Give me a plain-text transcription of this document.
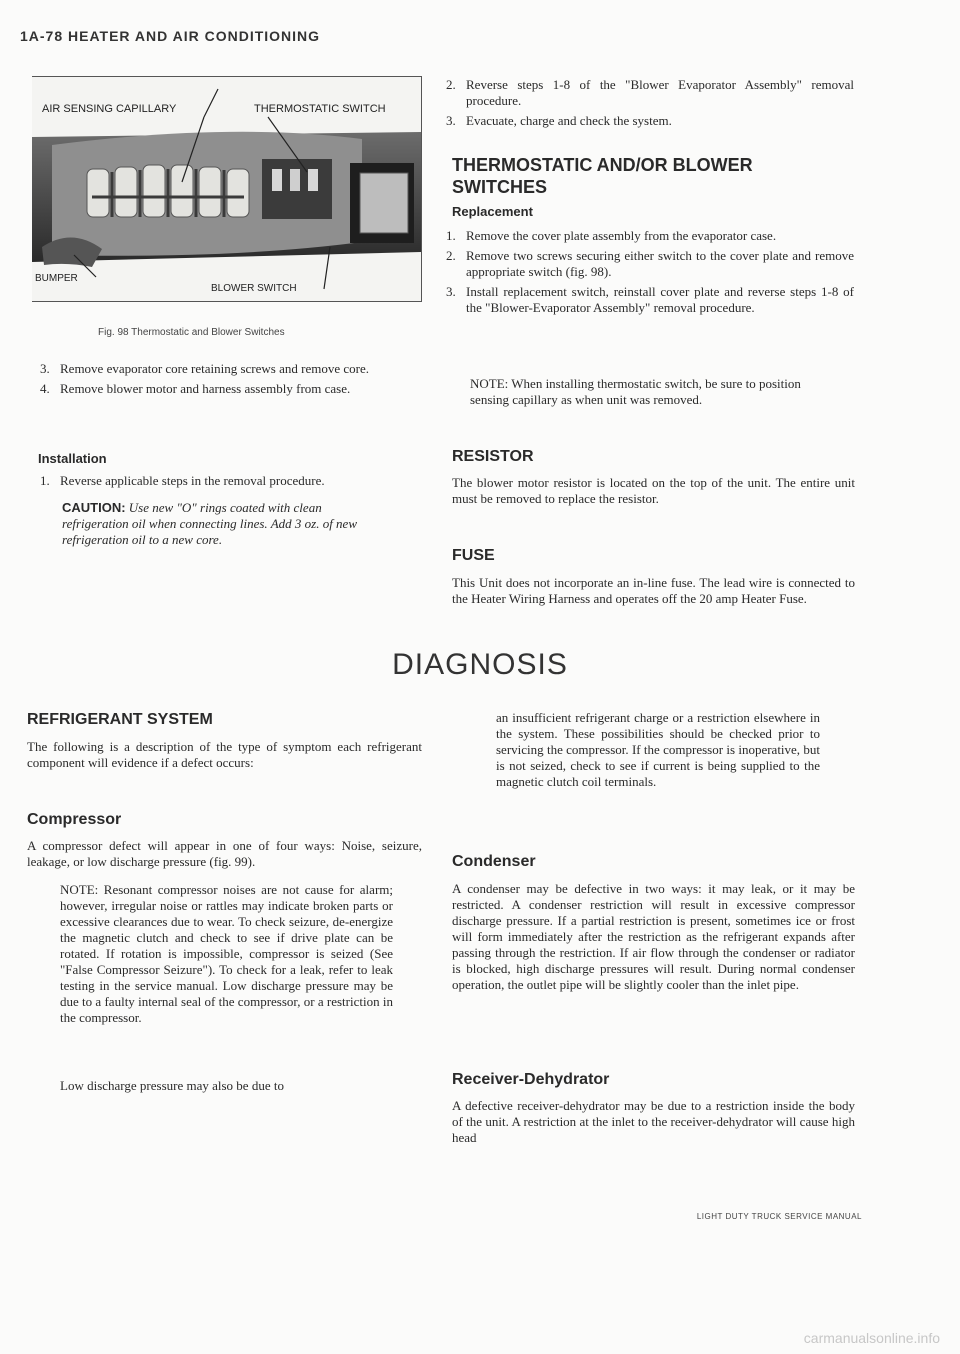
1A-78 HEATER AND AIR CONDITIONING
AIR SENSING CAPILLARY	THERMOSTATIC SWITCH
BUMPER
BLOWER SWITCH
Fig. 98 Thermostatic and Blower Switches
3. Remove evaporator core retaining screws and remove core.
4. Remove blower motor and harness assembly from case.
Installation
1. Reverse applicable steps in the removal procedure.
CAUTION: Use new "O" rings coated with clean refrigeration oil when connecting lines. Add 3 oz. of new refrigeration oil to a new core.
2. Reverse steps 1-8 of the "Blower Evaporator Assembly" removal procedure.
3. Evacuate, charge and check the system.
THERMOSTATIC AND/OR BLOWER SWITCHES
Replacement
1. Remove the cover plate assembly from the evaporator case.
2. Remove two screws securing either switch to the cover plate and remove appropriate switch (fig. 98).
3. Install replacement switch, reinstall cover plate and reverse steps 1-8 of the "Blower-Evaporator Assembly" removal procedure.
NOTE: When installing thermostatic switch, be sure to position sensing capillary as when unit was removed.
RESISTOR
The blower motor resistor is located on the top of the unit. The entire unit must be removed to replace the resistor.
FUSE
This Unit does not incorporate an in-line fuse. The lead wire is connected to the Heater Wiring Harness and operates off the 20 amp Heater Fuse.
DIAGNOSIS
REFRIGERANT SYSTEM
The following is a description of the type of symptom each refrigerant component will evidence if a defect occurs:
Compressor
A compressor defect will appear in one of four ways: Noise, seizure, leakage, or low discharge pressure (fig. 99).
NOTE: Resonant compressor noises are not cause for alarm; however, irregular noise or rattles may indicate broken parts or excessive clearances due to wear. To check seizure, de-energize the magnetic clutch and check to see if drive plate can be rotated. If rotation is impossible, compressor is seized (See "False Compressor Seizure"). To check for a leak, refer to leak testing in the service manual. Low discharge pressure may be due to a faulty internal seal of the compressor, or a restriction in the compressor.
Low discharge pressure may also be due to
an insufficient refrigerant charge or a restriction elsewhere in the system. These possibilities should be checked prior to servicing the compressor. If the compressor is inoperative, but is not seized, check to see if current is being supplied to the magnetic clutch coil terminals.
Condenser
A condenser may be defective in two ways: it may leak, or it may be restricted. A condenser restriction will result in excessive compressor discharge pressure. If a partial restriction is present, sometimes ice or frost will form immediately after the restriction as the refrigerant expands after passing through the restriction. If air flow through the condenser or radiator is blocked, high discharge pressures will result. During normal condenser operation, the outlet pipe will be slightly cooler than the inlet pipe.
Receiver-Dehydrator
A defective receiver-dehydrator may be due to a restriction inside the body of the unit. A restriction at the inlet to the receiver-dehydrator will cause high head
LIGHT DUTY TRUCK SERVICE MANUAL
carmanualsonline.info
